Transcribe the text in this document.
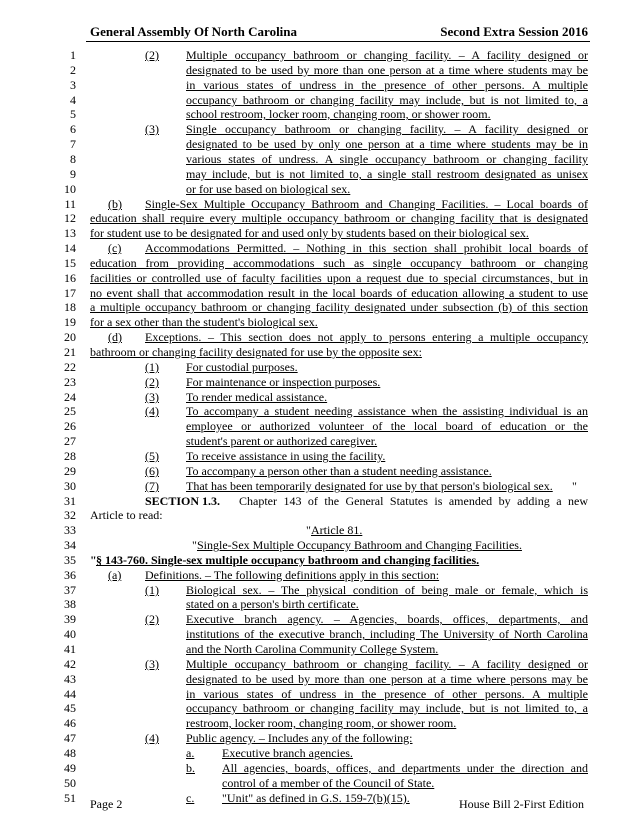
General Assembly Of North Carolina	Second Extra Session 2016
1	(2) Multiple occupancy bathroom or changing facility. – A facility designed or
2	designated to be used by more than one person at a time where students may be
3	in various states of undress in the presence of other persons. A multiple
4	occupancy bathroom or changing facility may include, but is not limited to, a
5	school restroom, locker room, changing room, or shower room.
6	(3) Single occupancy bathroom or changing facility. – A facility designed or
7	designated to be used by only one person at a time where students may be in
8	various states of undress. A single occupancy bathroom or changing facility
9	may include, but is not limited to, a single stall restroom designated as unisex
10	or for use based on biological sex.
11	(b) Single-Sex Multiple Occupancy Bathroom and Changing Facilities. – Local boards of
12 education shall require every multiple occupancy bathroom or changing facility that is designated
13 for student use to be designated for and used only by students based on their biological sex.
14	(c) Accommodations Permitted. – Nothing in this section shall prohibit local boards of
15 education from providing accommodations such as single occupancy bathroom or changing
16 facilities or controlled use of faculty facilities upon a request due to special circumstances, but in
17 no event shall that accommodation result in the local boards of education allowing a student to use
18 a multiple occupancy bathroom or changing facility designated under subsection (b) of this section
19 for a sex other than the student's biological sex.
20	(d) Exceptions. – This section does not apply to persons entering a multiple occupancy
21 bathroom or changing facility designated for use by the opposite sex:
22	(1) For custodial purposes.
23	(2) For maintenance or inspection purposes.
24	(3) To render medical assistance.
25	(4) To accompany a student needing assistance when the assisting individual is an
26	employee or authorized volunteer of the local board of education or the
27	student's parent or authorized caregiver.
28	(5) To receive assistance in using the facility.
29	(6) To accompany a person other than a student needing assistance.
30	(7) That has been temporarily designated for use by that person's biological sex. "
31	SECTION 1.3. Chapter 143 of the General Statutes is amended by adding a new
32 Article to read:
33	" Article 81.
34	" Single-Sex Multiple Occupancy Bathroom and Changing Facilities.
35 " § 143-760. Single-sex multiple occupancy bathroom and changing facilities.
36	(a) Definitions. – The following definitions apply in this section:
37	(1) Biological sex. – The physical condition of being male or female, which is
38	stated on a person's birth certificate.
39	(2) Executive branch agency. – Agencies, boards, offices, departments, and
40	institutions of the executive branch, including The University of North Carolina
41	and the North Carolina Community College System.
42	(3) Multiple occupancy bathroom or changing facility. – A facility designed or
43	designated to be used by more than one person at a time where persons may be
44	in various states of undress in the presence of other persons. A multiple
45	occupancy bathroom or changing facility may include, but is not limited to, a
46	restroom, locker room, changing room, or shower room.
47	(4) Public agency. – Includes any of the following:
48	a. Executive branch agencies.
49	b. All agencies, boards, offices, and departments under the direction and
50	control of a member of the Council of State.
51	c. "Unit" as defined in G.S. 159-7(b)(15).
Page 2	House Bill 2-First Edition
